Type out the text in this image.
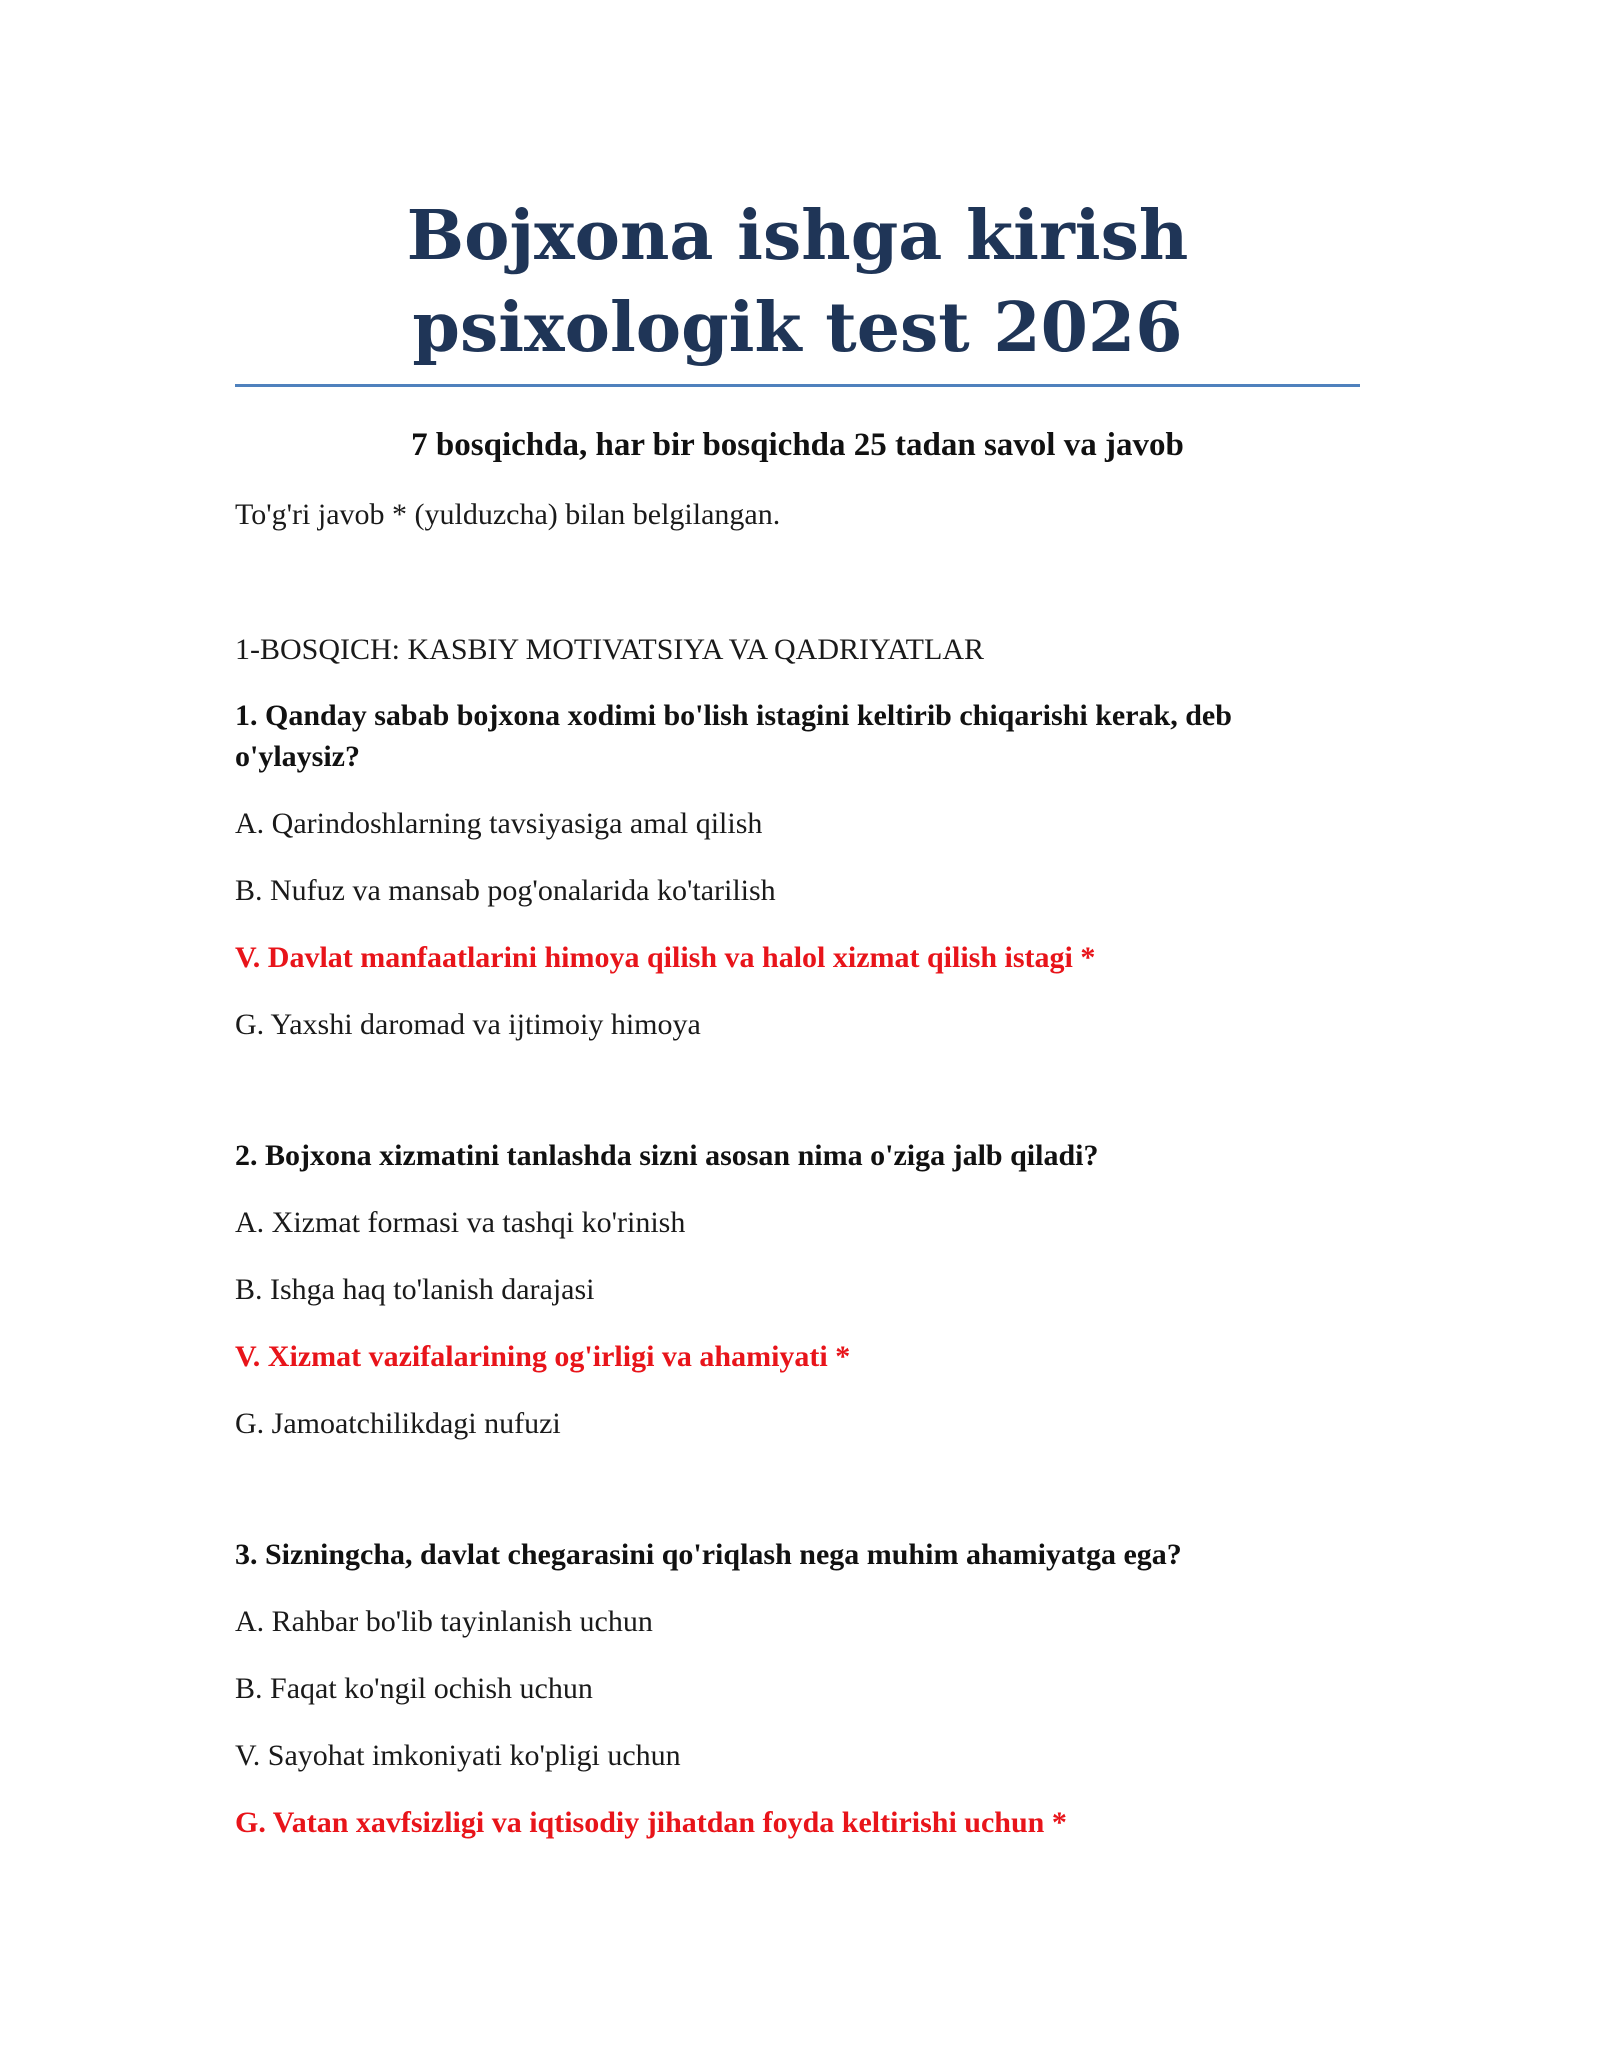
Bojxona ishga kirish psixologik test 2026

7 bosqichda, har bir bosqichda 25 tadan savol va javob

To'g'ri javob * (yulduzcha) bilan belgilangan.

1-BOSQICH: KASBIY MOTIVATSIYA VA QADRIYATLAR

1. Qanday sabab bojxona xodimi bo'lish istagini keltirib chiqarishi kerak, deb o'ylaysiz?

A. Qarindoshlarning tavsiyasiga amal qilish

B. Nufuz va mansab pog'onalarida ko'tarilish

V. Davlat manfaatlarini himoya qilish va halol xizmat qilish istagi *

G. Yaxshi daromad va ijtimoiy himoya

2. Bojxona xizmatini tanlashda sizni asosan nima o'ziga jalb qiladi?

A. Xizmat formasi va tashqi ko'rinish

B. Ishga haq to'lanish darajasi

V. Xizmat vazifalarining og'irligi va ahamiyati *

G. Jamoatchilikdagi nufuzi

3. Sizningcha, davlat chegarasini qo'riqlash nega muhim ahamiyatga ega?

A. Rahbar bo'lib tayinlanish uchun

B. Faqat ko'ngil ochish uchun

V. Sayohat imkoniyati ko'pligi uchun

G. Vatan xavfsizligi va iqtisodiy jihatdan foyda keltirishi uchun *
